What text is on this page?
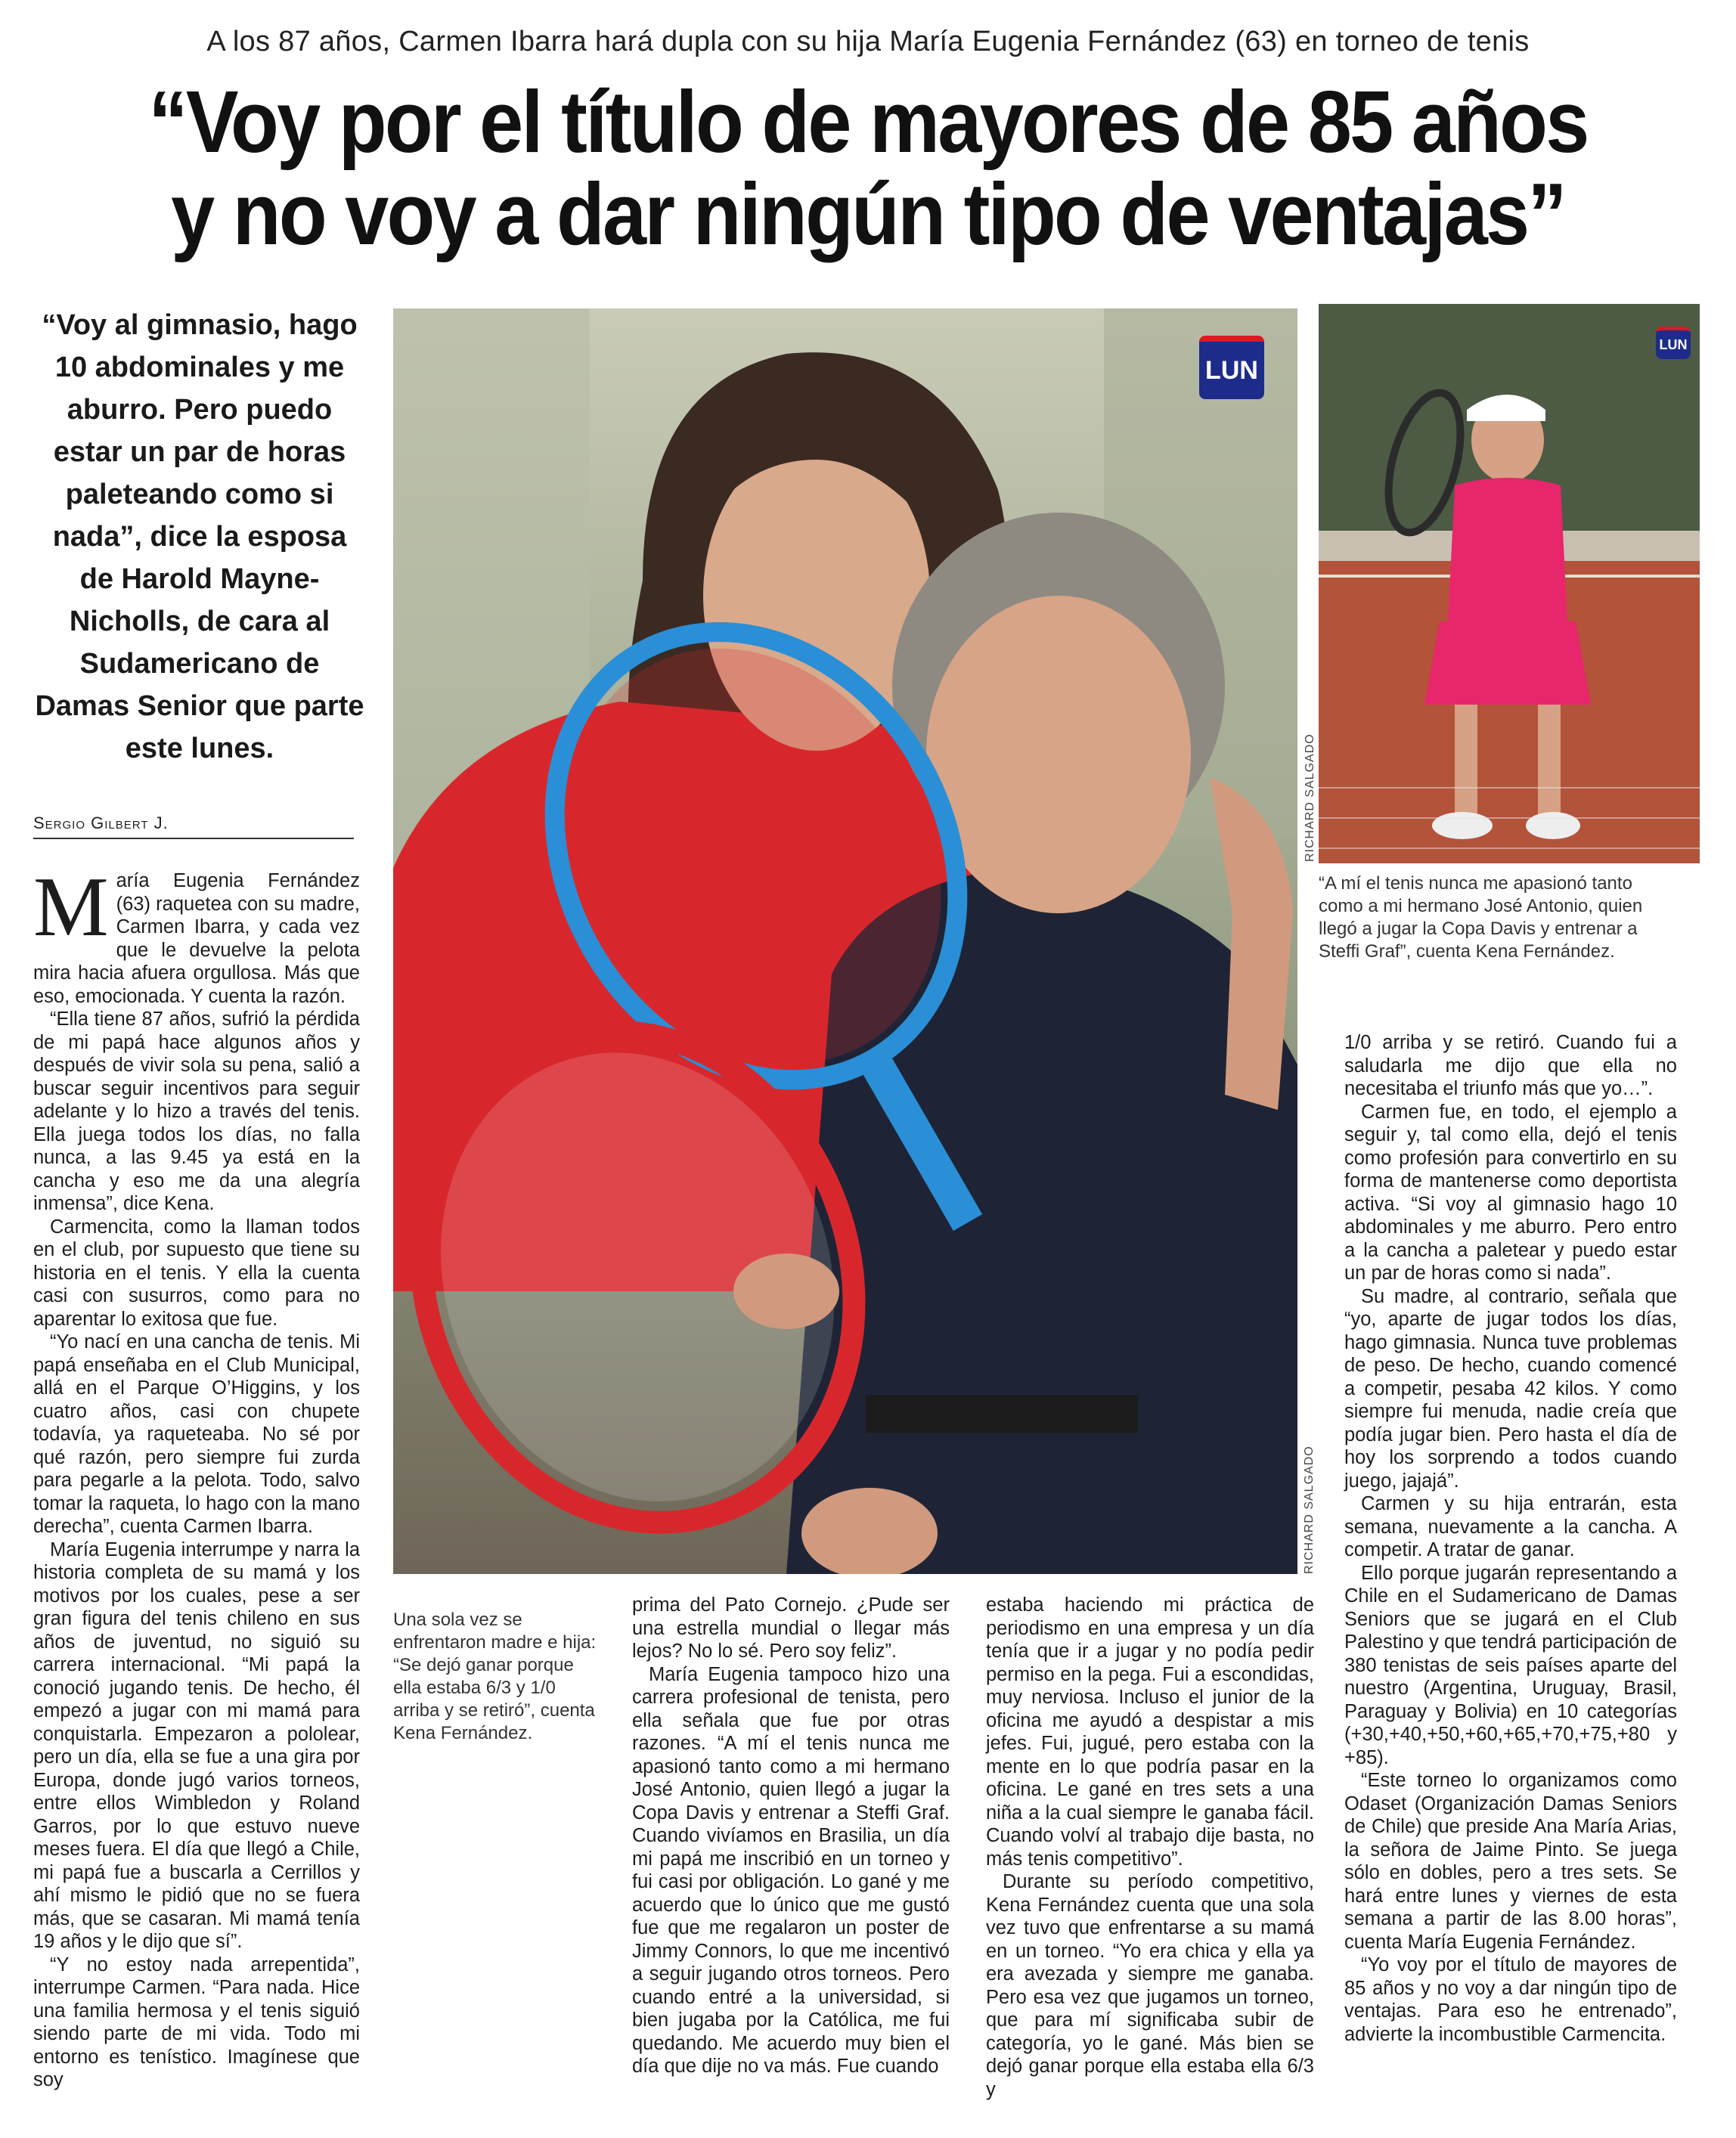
A los 87 años, Carmen Ibarra hará dupla con su hija María Eugenia Fernández (63) en torneo de tenis
“Voy por el título de mayores de 85 años
y no voy a dar ningún tipo de ventajas”
“Voy al gimnasio, hago 10 abdominales y me aburro. Pero puedo estar un par de horas paleteando como si nada”, dice la esposa de Harold Mayne-Nicholls, de cara al Sudamericano de Damas Senior que parte este lunes.
Sergio Gilbert J.
LUN
RICHARD SALGADO
LUN
RICHARD SALGADO
“A mí el tenis nunca me apasionó tanto como a mi hermano José Antonio, quien llegó a jugar la Copa Davis y entrenar a Steffi Graf”, cuenta Kena Fernández.
Una sola vez se enfrentaron madre e hija: “Se dejó ganar porque ella estaba 6/3 y 1/0 arriba y se retiró”, cuenta Kena Fernández.

María Eugenia Fernández (63) raquetea con su madre, Carmen Ibarra, y cada vez que le devuelve la pelota mira hacia afuera orgullosa. Más que eso, emocionada. Y cuenta la razón.

“Ella tiene 87 años, sufrió la pérdida de mi papá hace algunos años y después de vivir sola su pena, salió a buscar seguir incentivos para seguir adelante y lo hizo a través del tenis. Ella juega todos los días, no falla nunca, a las 9.45 ya está en la cancha y eso me da una alegría inmensa”, dice Kena.

Carmencita, como la llaman todos en el club, por supuesto que tiene su historia en el tenis. Y ella la cuenta casi con susurros, como para no aparentar lo exitosa que fue.

“Yo nací en una cancha de tenis. Mi papá enseñaba en el Club Municipal, allá en el Parque O’Higgins, y los cuatro años, casi con chupete todavía, ya raqueteaba. No sé por qué razón, pero siempre fui zurda para pegarle a la pelota. Todo, salvo tomar la raqueta, lo hago con la mano derecha”, cuenta Carmen Ibarra.

María Eugenia interrumpe y narra la historia completa de su mamá y los motivos por los cuales, pese a ser gran figura del tenis chileno en sus años de juventud, no siguió su carrera internacional. “Mi papá la conoció jugando tenis. De hecho, él empezó a jugar con mi mamá para conquistarla. Empezaron a pololear, pero un día, ella se fue a una gira por Europa, donde jugó varios torneos, entre ellos Wimbledon y Roland Garros, por lo que estuvo nueve meses fuera. El día que llegó a Chile, mi papá fue a buscarla a Cerrillos y ahí mismo le pidió que no se fuera más, que se casaran. Mi mamá tenía 19 años y le dijo que sí”.

“Y no estoy nada arrepentida”, interrumpe Carmen. “Para nada. Hice una familia hermosa y el tenis siguió siendo parte de mi vida. Todo mi entorno es tenístico. Imagínese que soy

prima del Pato Cornejo. ¿Pude ser una estrella mundial o llegar más lejos? No lo sé. Pero soy feliz”.

María Eugenia tampoco hizo una carrera profesional de tenista, pero ella señala que fue por otras razones. “A mí el tenis nunca me apasionó tanto como a mi hermano José Antonio, quien llegó a jugar la Copa Davis y entrenar a Steffi Graf. Cuando vivíamos en Brasilia, un día mi papá me inscribió en un torneo y fui casi por obligación. Lo gané y me acuerdo que lo único que me gustó fue que me regalaron un poster de Jimmy Connors, lo que me incentivó a seguir jugando otros torneos. Pero cuando entré a la universidad, si bien jugaba por la Católica, me fui quedando. Me acuerdo muy bien el día que dije no va más. Fue cuando

estaba haciendo mi práctica de periodismo en una empresa y un día tenía que ir a jugar y no podía pedir permiso en la pega. Fui a escondidas, muy nerviosa. Incluso el junior de la oficina me ayudó a despistar a mis jefes. Fui, jugué, pero estaba con la mente en lo que podría pasar en la oficina. Le gané en tres sets a una niña a la cual siempre le ganaba fácil. Cuando volví al trabajo dije basta, no más tenis competitivo”.

Durante su período competitivo, Kena Fernández cuenta que una sola vez tuvo que enfrentarse a su mamá en un torneo. “Yo era chica y ella ya era avezada y siempre me ganaba. Pero esa vez que jugamos un torneo, que para mí significaba subir de categoría, yo le gané. Más bien se dejó ganar porque ella estaba ella 6/3 y

1/0 arriba y se retiró. Cuando fui a saludarla me dijo que ella no necesitaba el triunfo más que yo…”.

Carmen fue, en todo, el ejemplo a seguir y, tal como ella, dejó el tenis como profesión para convertirlo en su forma de mantenerse como deportista activa. “Si voy al gimnasio hago 10 abdominales y me aburro. Pero entro a la cancha a paletear y puedo estar un par de horas como si nada”.

Su madre, al contrario, señala que “yo, aparte de jugar todos los días, hago gimnasia. Nunca tuve problemas de peso. De hecho, cuando comencé a competir, pesaba 42 kilos. Y como siempre fui menuda, nadie creía que podía jugar bien. Pero hasta el día de hoy los sorprendo a todos cuando juego, jajajá”.

Carmen y su hija entrarán, esta semana, nuevamente a la cancha. A competir. A tratar de ganar.

Ello porque jugarán representando a Chile en el Sudamericano de Damas Seniors que se jugará en el Club Palestino y que tendrá participación de 380 tenistas de seis países aparte del nuestro (Argentina, Uruguay, Brasil, Paraguay y Bolivia) en 10 categorías (+30,+40,+50,+60,+65,+70,+75,+80 y +85).

“Este torneo lo organizamos como Odaset (Organización Damas Seniors de Chile) que preside Ana María Arias, la señora de Jaime Pinto. Se juega sólo en dobles, pero a tres sets. Se hará entre lunes y viernes de esta semana a partir de las 8.00 horas”, cuenta María Eugenia Fernández.

“Yo voy por el título de mayores de 85 años y no voy a dar ningún tipo de ventajas. Para eso he entrenado”, advierte la incombustible Carmencita.
